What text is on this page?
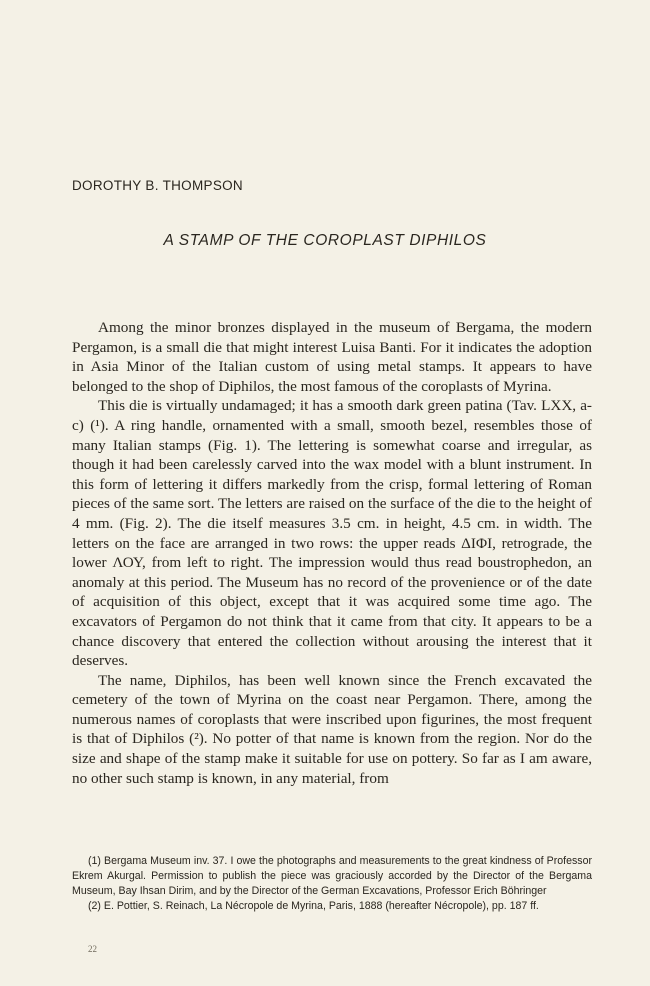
DOROTHY B. THOMPSON
A STAMP OF THE COROPLAST DIPHILOS

Among the minor bronzes displayed in the museum of Bergama, the modern Pergamon, is a small die that might interest Luisa Banti. For it indicates the adoption in Asia Minor of the Italian custom of using metal stamps. It appears to have belonged to the shop of Diphilos, the most famous of the coroplasts of Myrina.

This die is virtually undamaged; it has a smooth dark green patina (Tav. LXX, a-c) (¹). A ring handle, ornamented with a small, smooth bezel, resembles those of many Italian stamps (Fig. 1). The lettering is somewhat coarse and irregular, as though it had been carelessly carved into the wax model with a blunt instrument. In this form of lettering it differs markedly from the crisp, formal lettering of Roman pieces of the same sort. The letters are raised on the surface of the die to the height of 4 mm. (Fig. 2). The die itself measures 3.5 cm. in height, 4.5 cm. in width. The letters on the face are arranged in two rows: the upper reads ΔΙΦΙ, retrograde, the lower ΛΟΥ, from left to right. The impression would thus read boustrophedon, an anomaly at this period. The Museum has no record of the provenience or of the date of acquisition of this object, except that it was acquired some time ago. The excavators of Pergamon do not think that it came from that city. It appears to be a chance discovery that entered the collection without arousing the interest that it deserves.

The name, Diphilos, has been well known since the French excavated the cemetery of the town of Myrina on the coast near Pergamon. There, among the numerous names of coroplasts that were inscribed upon figurines, the most frequent is that of Diphilos (²). No potter of that name is known from the region. Nor do the size and shape of the stamp make it suitable for use on pottery. So far as I am aware, no other such stamp is known, in any material, from

(1) Bergama Museum inv. 37. I owe the photographs and measurements to the great kindness of Professor Ekrem Akurgal. Permission to publish the piece was graciously accorded by the Director of the Bergama Museum, Bay Ihsan Dirim, and by the Director of the German Excavations, Professor Erich Böhringer

(2) E. Pottier, S. Reinach, La Nécropole de Myrina, Paris, 1888 (hereafter Nécropole), pp. 187 ff.

22
